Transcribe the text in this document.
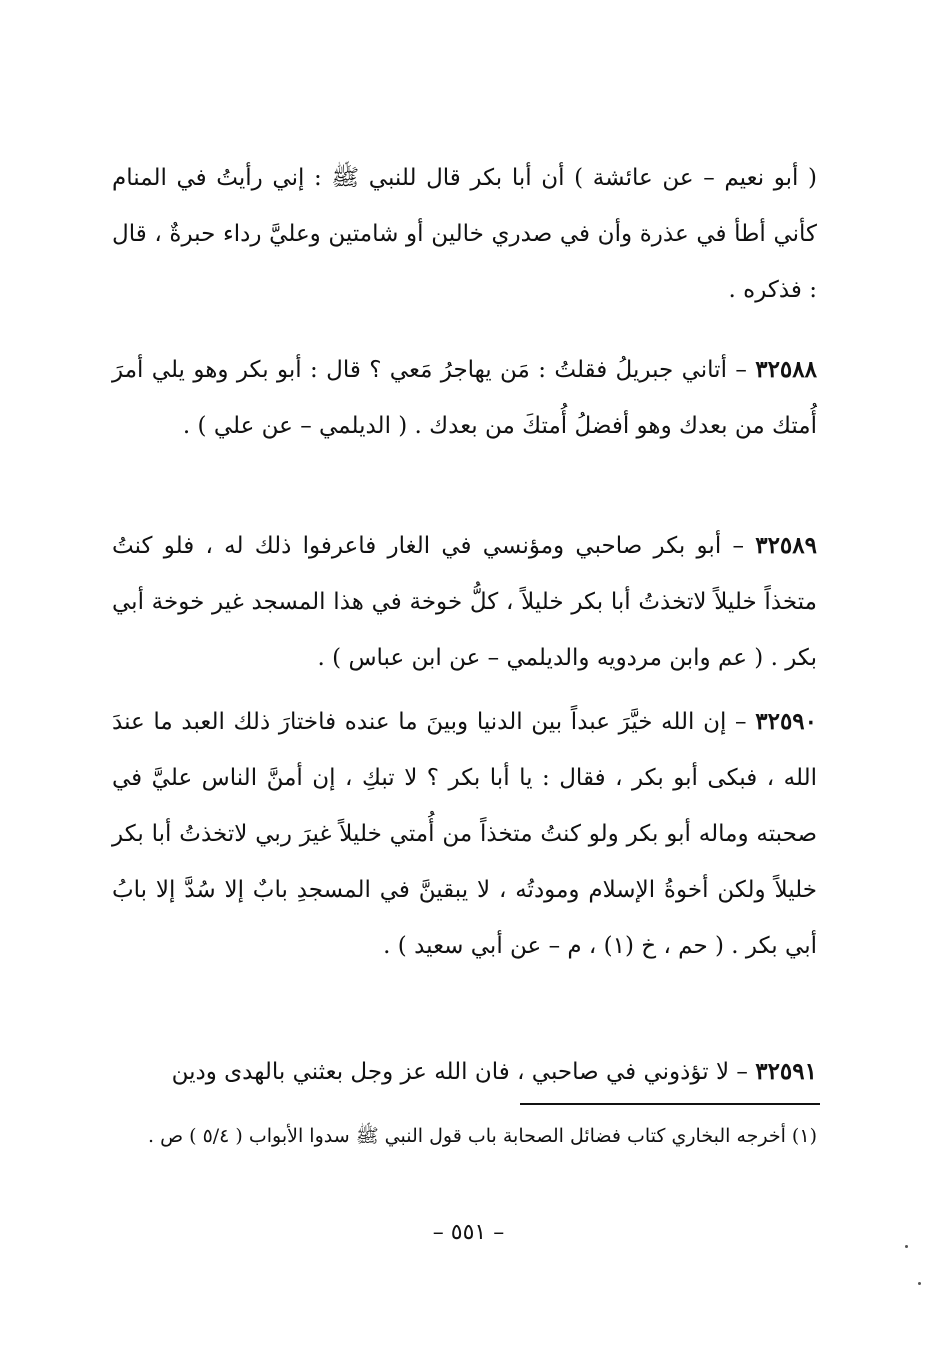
( أبو نعيم – عن عائشة ) أن أبا بكر قال للنبي ﷺ : إني رأيتُ في المنام كأني أطأ في عذرة وأن في صدري خالين أو شامتين وعليَّ رداء حبرةٌ ، قال : فذكره .

٣٢٥٨٨ – أتاني جبريلُ فقلتُ : مَن يهاجرُ مَعي ؟ قال : أبو بكر وهو يلي أمرَ أُمتك من بعدك وهو أفضلُ أُمتكَ من بعدك . ( الديلمي – عن علي ) .

٣٢٥٨٩ – أبو بكر صاحبي ومؤنسي في الغار فاعرفوا ذلك له ، فلو كنتُ متخذاً خليلاً لاتخذتُ أبا بكر خليلاً ، كلُّ خوخة في هذا المسجد غير خوخة أبي بكر . ( عم وابن مردويه والديلمي – عن ابن عباس ) .

٣٢٥٩٠ – إن الله خيَّرَ عبداً بين الدنيا وبينَ ما عنده فاختارَ ذلك العبد ما عندَ الله ، فبكى أبو بكر ، فقال : يا أبا بكر ؟ لا تبكِ ، إن أمنَّ الناس عليَّ في صحبته وماله أبو بكر ولو كنتُ متخذاً من أُمتي خليلاً غيرَ ربي لاتخذتُ أبا بكر خليلاً ولكن أخوةُ الإسلام ومودتُه ، لا يبقينَّ في المسجدِ بابٌ إلا سُدَّ إلا بابُ أبي بكر . ( حم ، خ (١) ، م – عن أبي سعيد ) .

٣٢٥٩١ – لا تؤذوني في صاحبي ، فان الله عز وجل بعثني بالهدى ودين

(١) أخرجه البخاري كتاب فضائل الصحابة باب قول النبي ﷺ سدوا الأبواب ( ٥/٤ ) ص .

– ٥٥١ –
